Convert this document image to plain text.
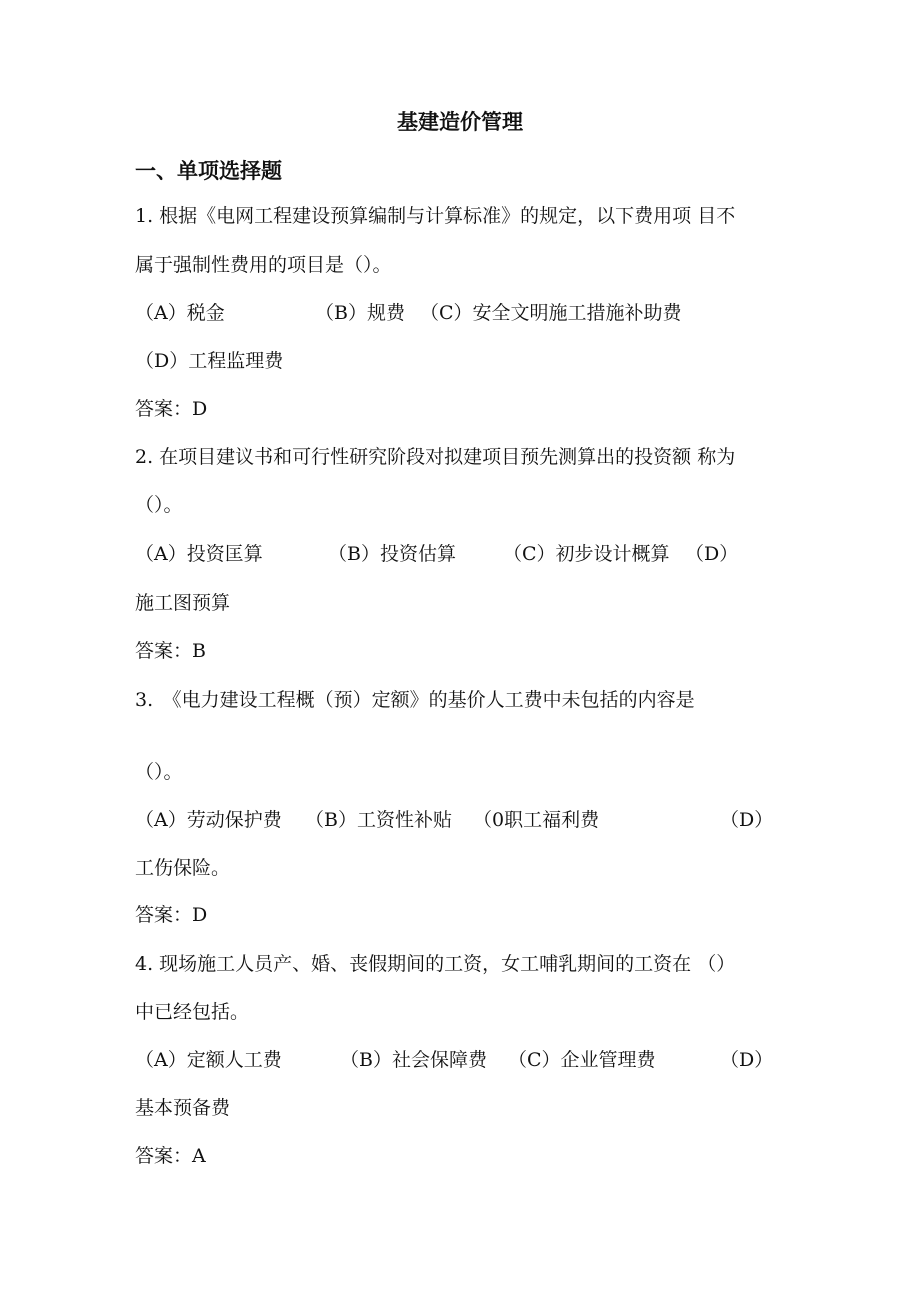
基建造价管理
一、单项选择题
1. 根据《电网工程建设预算编制与计算标准》的规定，以下费用项 目不
属于强制性费用的项目是（）。
（A）税金	（B）规费 （C）安全文明施工措施补助费
（D）工程监理费
答案：D
2. 在项目建议书和可行性研究阶段对拟建项目预先测算出的投资额 称为
（）。
（A）投资匡算	（B）投资估算 （C）初步设计概算 （D）
施工图预算
答案：B
3.　《电力建设工程概（预）定额》的基价人工费中未包括的内容是
（）。
（A）劳动保护费 （B）工资性补贴 （0职工福利费	（D）
工伤保险。
答案：D
4. 现场施工人员产、婚、丧假期间的工资，女工哺乳期间的工资在 （）
中已经包括。
（A）定额人工费	（B）社会保障费 （C）企业管理费	（D）
基本预备费
答案：A
